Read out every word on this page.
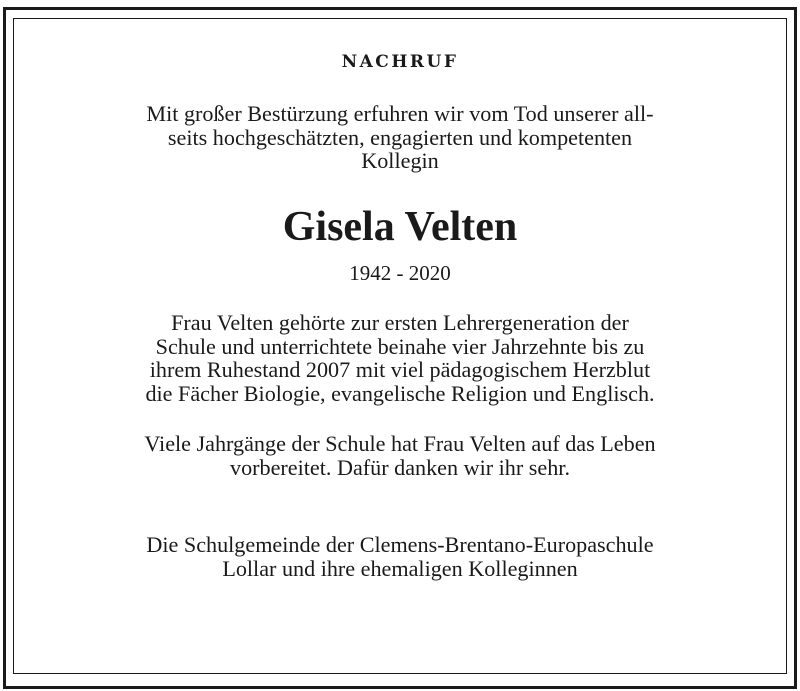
NACHRUF
Mit großer Bestürzung erfuhren wir vom Tod unserer all-
seits hochgeschätzten, engagierten und kompetenten
Kollegin
Gisela Velten
1942 - 2020
Frau Velten gehörte zur ersten Lehrergeneration der
Schule und unterrichtete beinahe vier Jahrzehnte bis zu
ihrem Ruhestand 2007 mit viel pädagogischem Herzblut
die Fächer Biologie, evangelische Religion und Englisch.
Viele Jahrgänge der Schule hat Frau Velten auf das Leben
vorbereitet. Dafür danken wir ihr sehr.
Die Schulgemeinde der Clemens-Brentano-Europaschule
Lollar und ihre ehemaligen Kolleginnen
